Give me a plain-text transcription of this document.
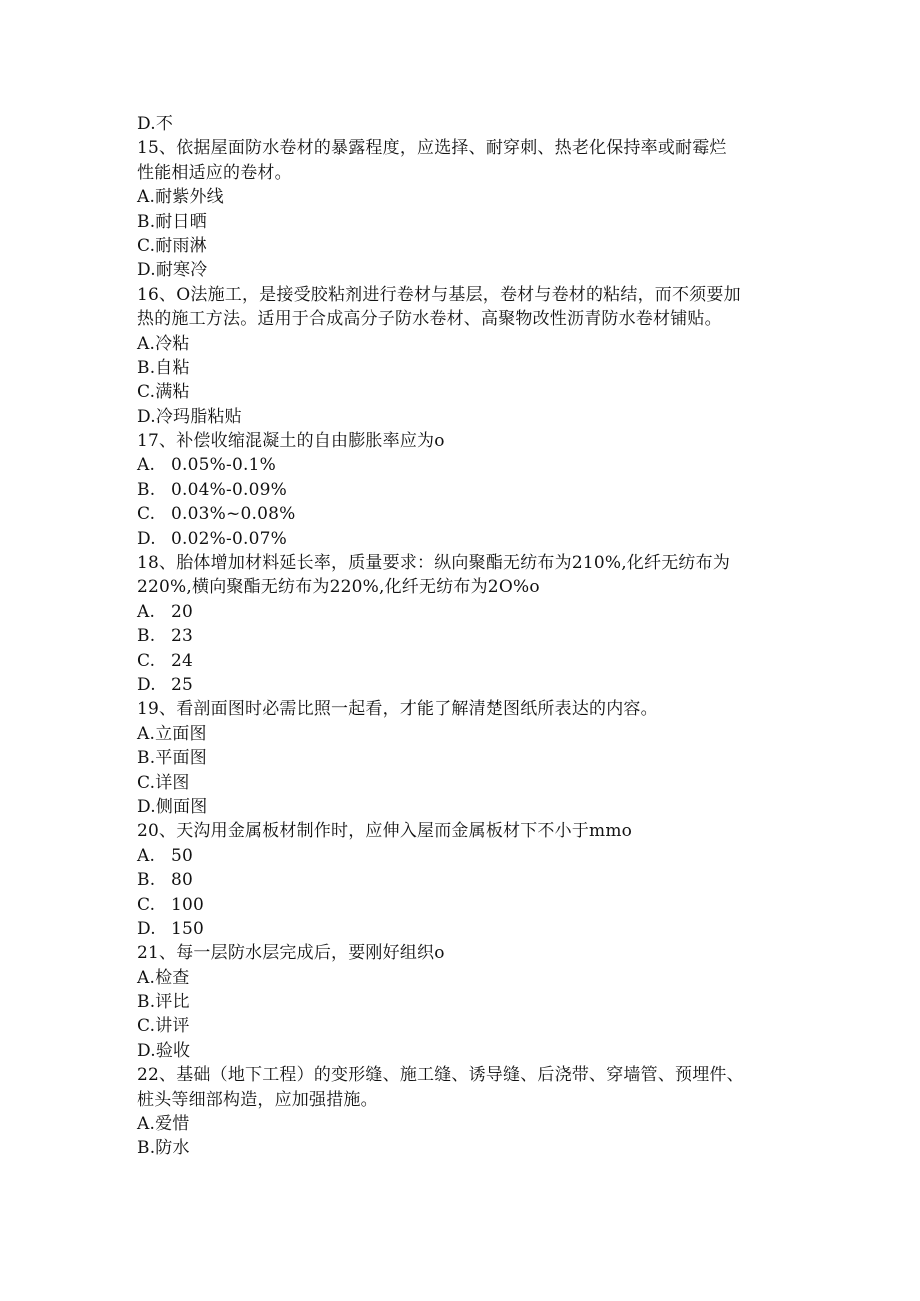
D.不
15、依据屋面防水卷材的暴露程度，应选择、耐穿刺、热老化保持率或耐霉烂
性能相适应的卷材。
A.耐紫外线
B.耐日晒
C.耐雨淋
D.耐寒冷
16、O法施工，是接受胶粘剂进行卷材与基层，卷材与卷材的粘结，而不须要加
热的施工方法。适用于合成高分子防水卷材、高聚物改性沥青防水卷材铺贴。
A.冷粘
B.自粘
C.满粘
D.冷玛脂粘贴
17、补偿收缩混凝土的自由膨胀率应为o
A. 0.05%-0.1%
B. 0.04%-0.09%
C. 0.03%~0.08%
D. 0.02%-0.07%
18、胎体增加材料延长率，质量要求：纵向聚酯无纺布为210%,化纤无纺布为
220%,横向聚酯无纺布为220%,化纤无纺布为2O%o
A. 20
B. 23
C. 24
D. 25
19、看剖面图时必需比照一起看，才能了解清楚图纸所表达的内容。
A.立面图
B.平面图
C.详图
D.侧面图
20、天沟用金属板材制作时，应伸入屋而金属板材下不小于mmo
A. 50
B. 80
C. 100
D. 150
21、每一层防水层完成后，要刚好组织o
A.检查
B.评比
C.讲评
D.验收
22、基础（地下工程）的变形缝、施工缝、诱导缝、后浇带、穿墙管、预埋件、
桩头等细部构造，应加强措施。
A.爱惜
B.防水
